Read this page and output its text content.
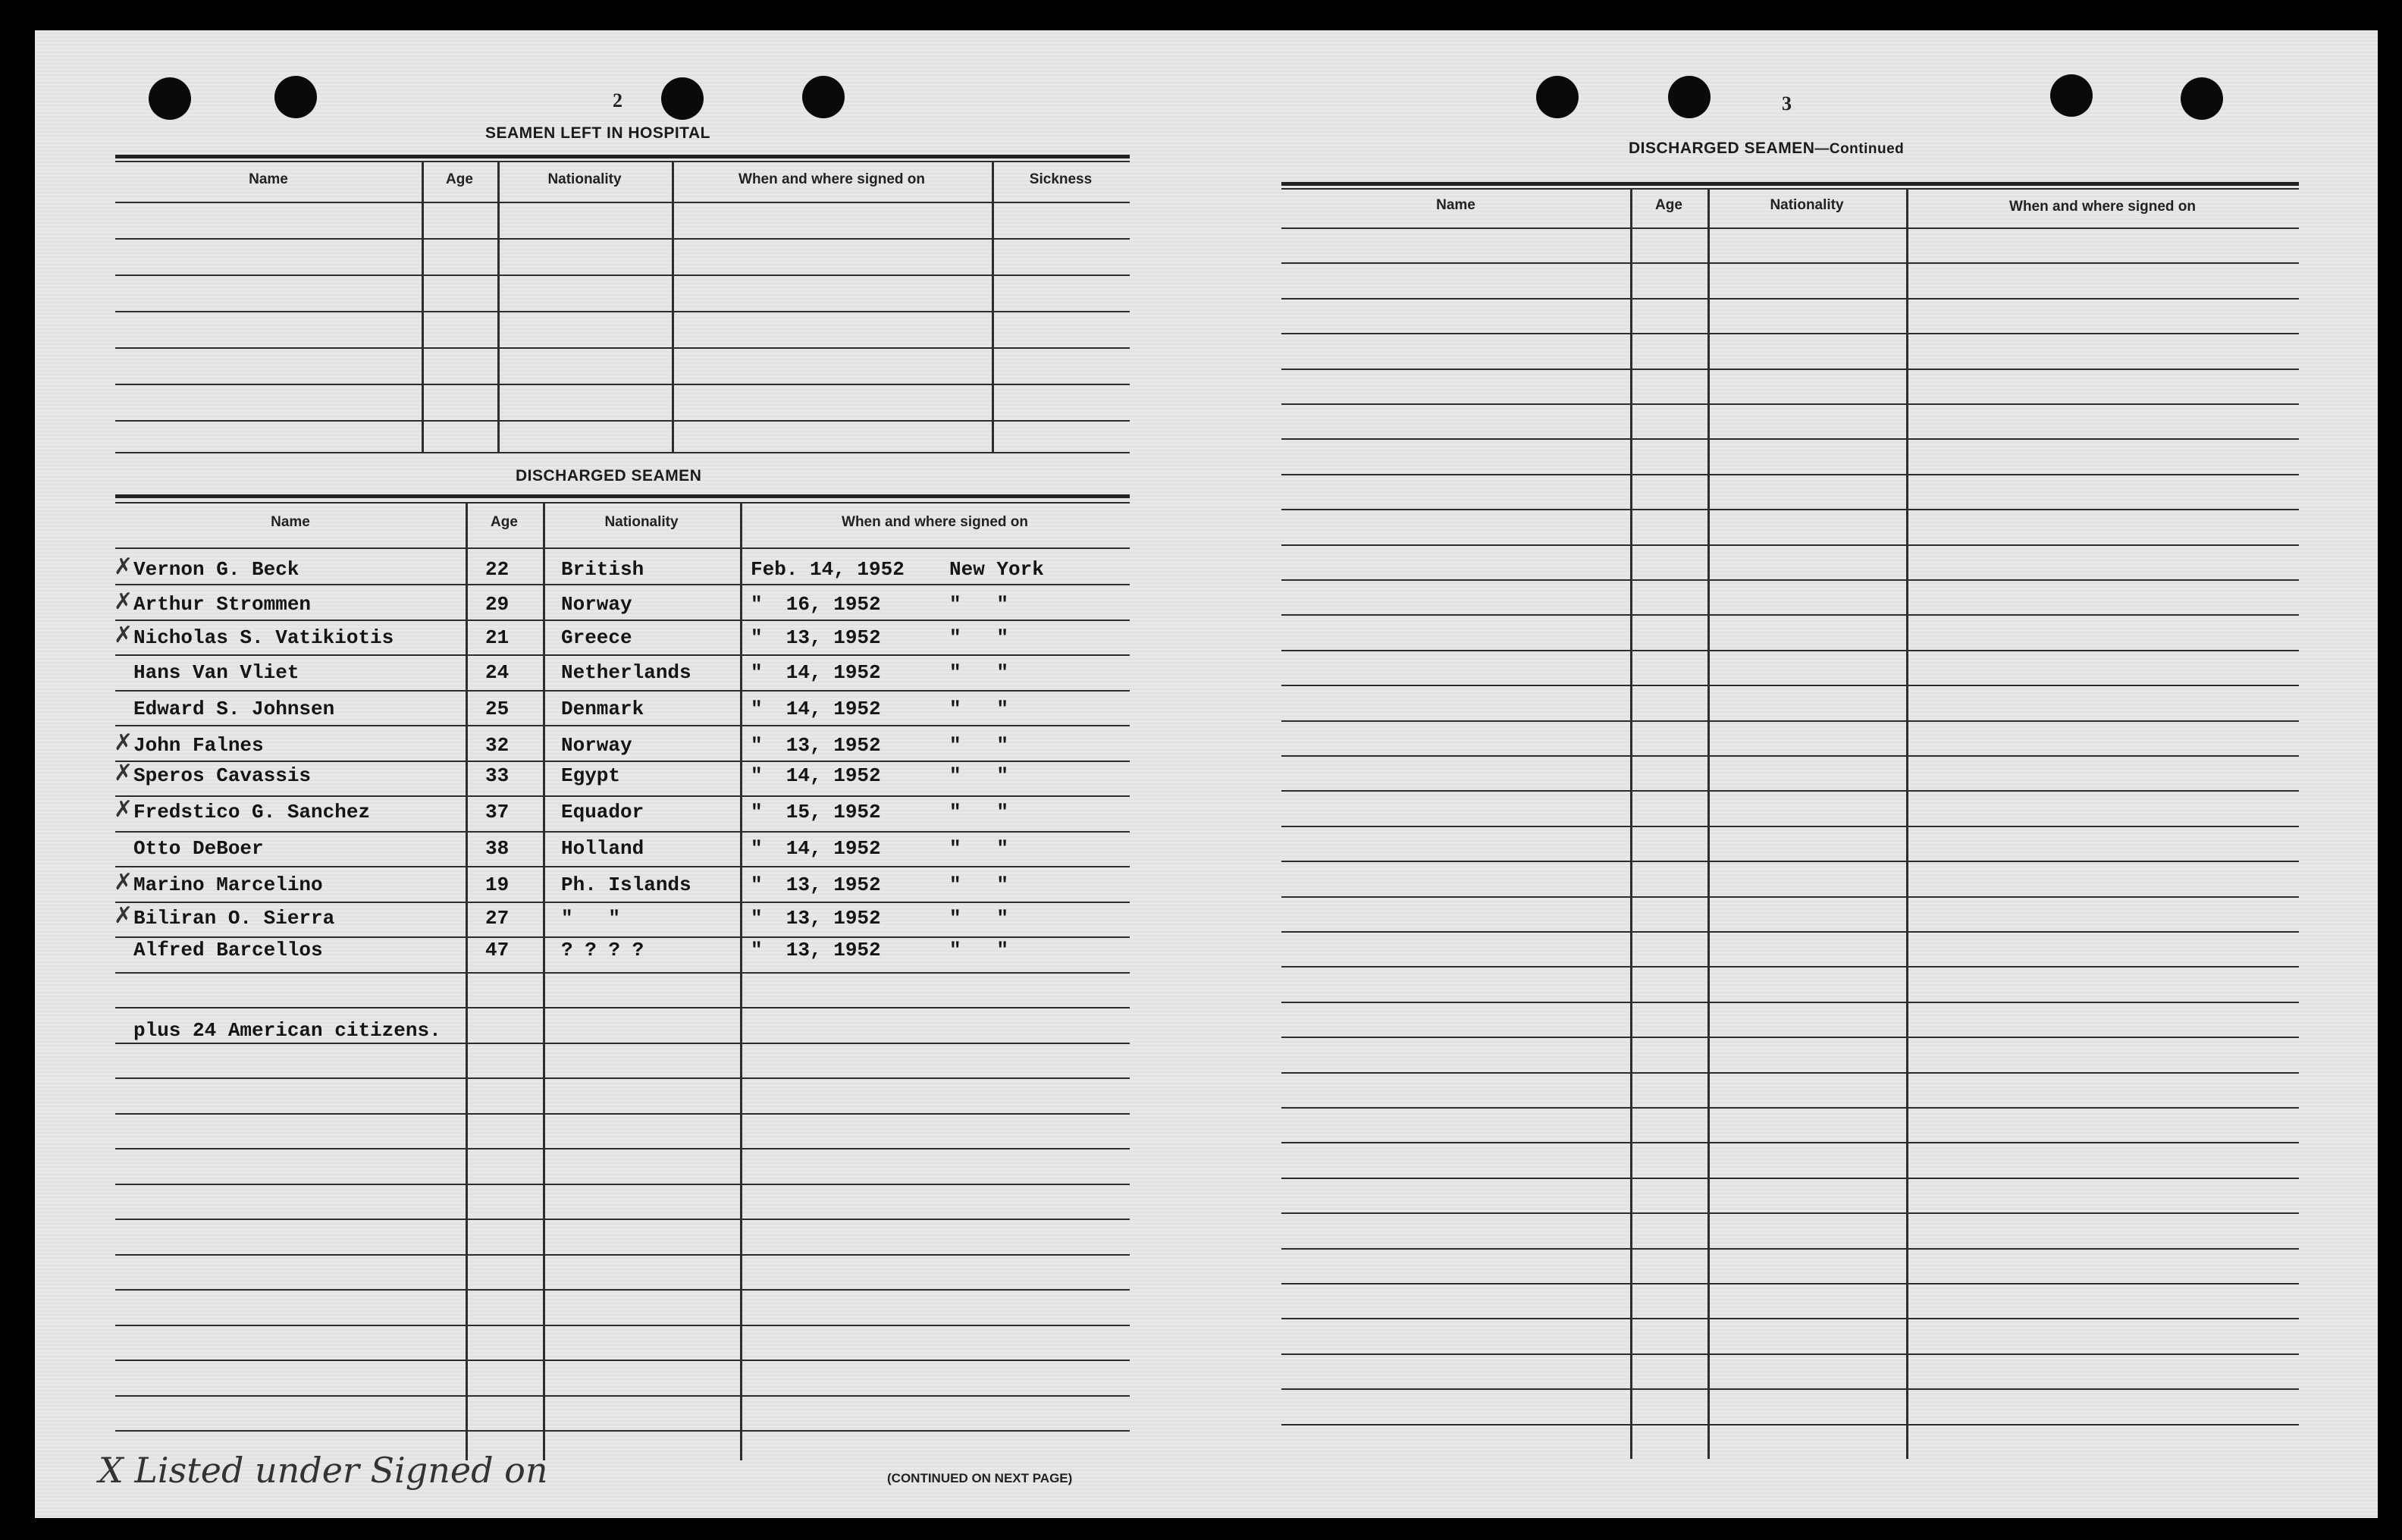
2
SEAMEN LEFT IN HOSPITAL
Name	Age	Nationality	When and where signed on	Sickness
DISCHARGED SEAMEN
Name	Age	Nationality	When and where signed on
Vernon G. Beck	22	British	Feb. 14, 1952 New York
✗
Arthur Strommen	29	Norway	"  16, 1952	"   "
✗
Nicholas S. Vatikiotis	21	Greece	"  13, 1952	"   "
✗
Hans Van Vliet	24	Netherlands	"  14, 1952	"   "
Edward S. Johnsen	25	Denmark	"  14, 1952	"   "
John Falnes	32	Norway	"  13, 1952	"   "
✗
Speros Cavassis	33	Egypt	"  14, 1952	"   "
✗
Fredstico G. Sanchez	37	Equador	"  15, 1952	"   "
✗
Otto DeBoer	38	Holland	"  14, 1952	"   "
Marino Marcelino	19	Ph. Islands	"  13, 1952	"   "
✗
Biliran O. Sierra	27	"   "	"  13, 1952	"   "
✗
Alfred Barcellos	47	? ? ? ?	"  13, 1952	"   "
plus 24 American citizens.
X Listed under Signed on	(CONTINUED ON NEXT PAGE)
3
DISCHARGED SEAMEN—Continued
Name	Age	Nationality	When and where signed on
